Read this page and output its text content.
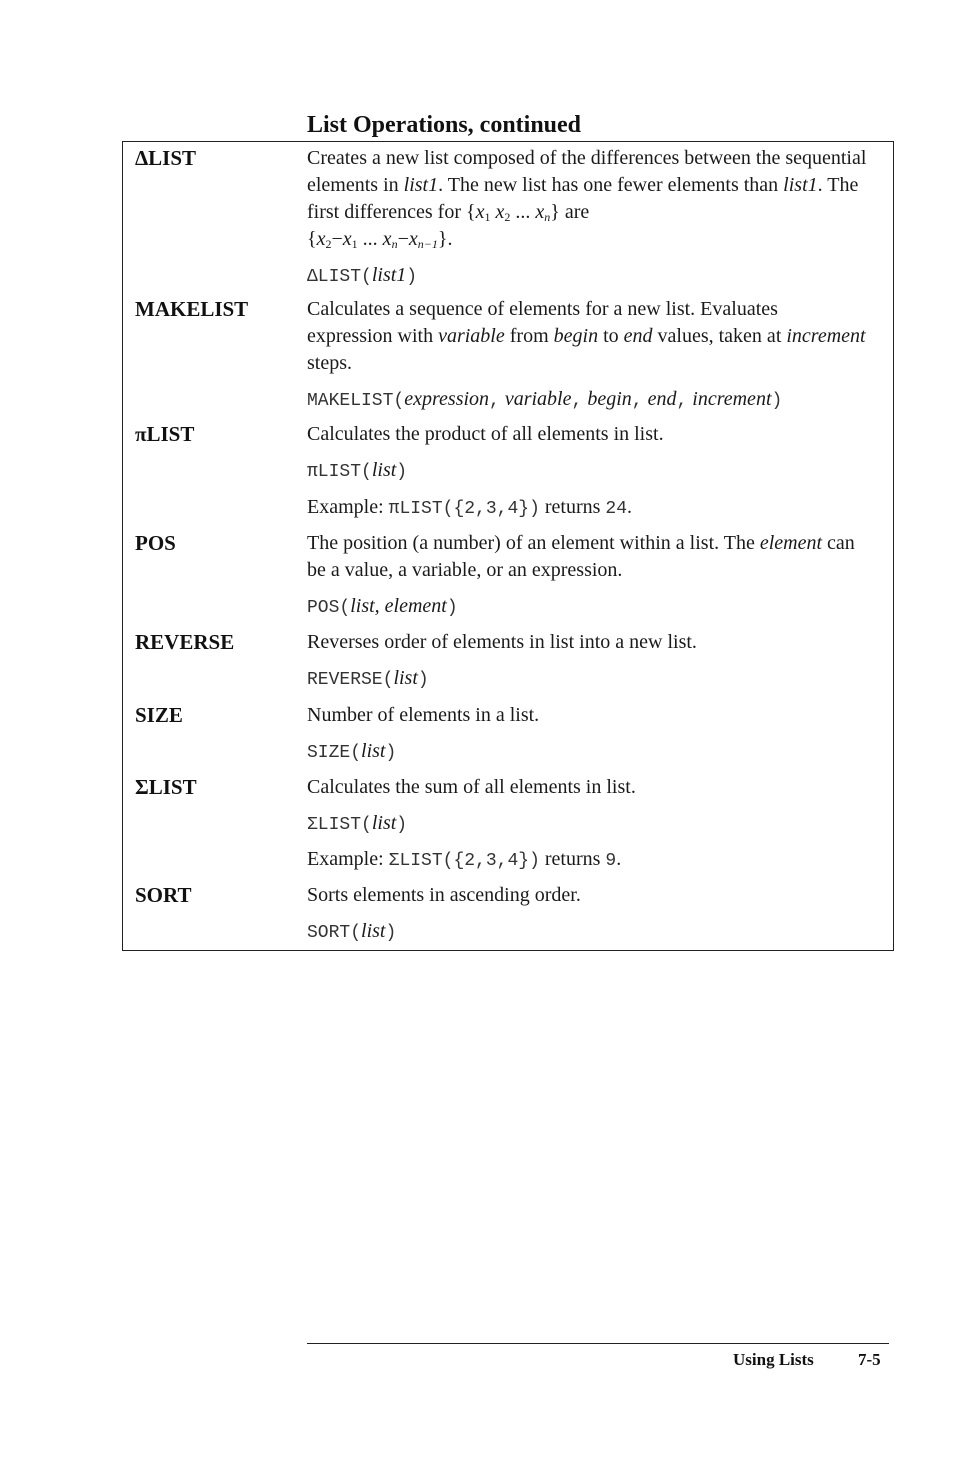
List Operations, continued
ΔLIST	Creates a new list composed of the differences between the sequential elements in list1. The new list has one fewer elements than list1. The first differences for {$x_1$ $x_2$ ... $x_n$} are
{$x_2-x_1$ ... $x_n-x_{n-1}$}.
ΔLIST(list1)
MAKELIST	Calculates a sequence of elements for a new list. Evaluates expression with variable from begin to end values, taken at increment steps.
MAKELIST(expression, variable, begin, end, increment)
πLIST	Calculates the product of all elements in list.
πLIST(list)
Example: πLIST({2,3,4}) returns 24.
POS	The position (a number) of an element within a list. The element can be a value, a variable, or an expression.
POS(list, element)
REVERSE	Reverses order of elements in list into a new list.
REVERSE(list)
SIZE	Number of elements in a list.
SIZE(list)
ΣLIST	Calculates the sum of all elements in list.
ΣLIST(list)
Example: ΣLIST({2,3,4}) returns 9.
SORT	Sorts elements in ascending order.
SORT(list)
Using Lists	7-5
